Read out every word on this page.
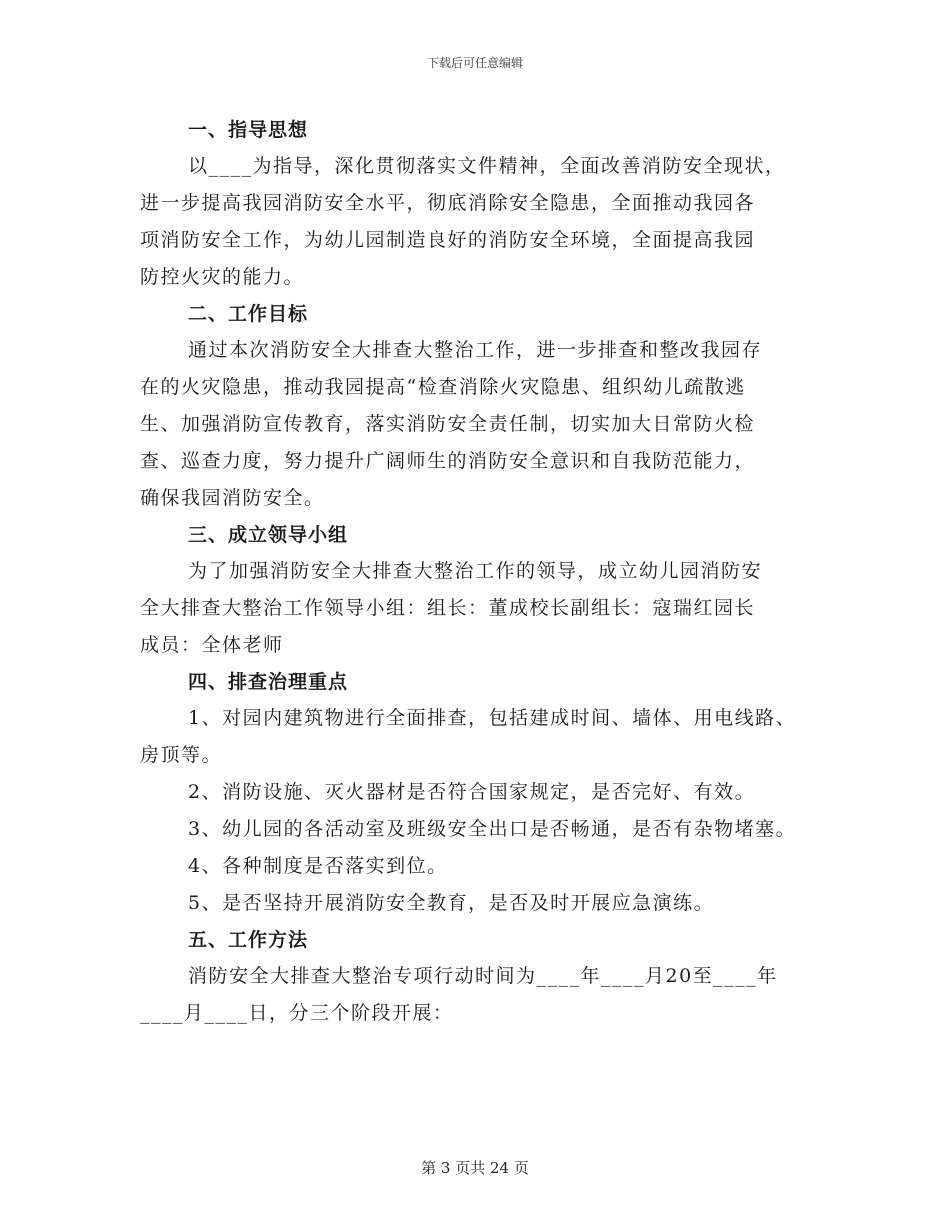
下载后可任意编辑
一、指导思想

以____为指导，深化贯彻落实文件精神，全面改善消防安全现状，
进一步提高我园消防安全水平，彻底消除安全隐患，全面推动我园各
项消防安全工作，为幼儿园制造良好的消防安全环境，全面提高我园
防控火灾的能力。

二、工作目标

通过本次消防安全大排查大整治工作，进一步排查和整改我园存
在的火灾隐患，推动我园提高“检查消除火灾隐患、组织幼儿疏散逃
生、加强消防宣传教育，落实消防安全责任制，切实加大日常防火检
查、巡查力度，努力提升广阔师生的消防安全意识和自我防范能力，
确保我园消防安全。

三、成立领导小组

为了加强消防安全大排查大整治工作的领导，成立幼儿园消防安
全大排查大整治工作领导小组：组长：董成校长副组长：寇瑞红园长
成员：全体老师

四、排查治理重点

1、对园内建筑物进行全面排查，包括建成时间、墙体、用电线路、
房顶等。

2、消防设施、灭火器材是否符合国家规定，是否完好、有效。

3、幼儿园的各活动室及班级安全出口是否畅通，是否有杂物堵塞。

4、各种制度是否落实到位。

5、是否坚持开展消防安全教育，是否及时开展应急演练。

五、工作方法

消防安全大排查大整治专项行动时间为____年____月20至____年
____月____日，分三个阶段开展：

第 3 页共 24 页
